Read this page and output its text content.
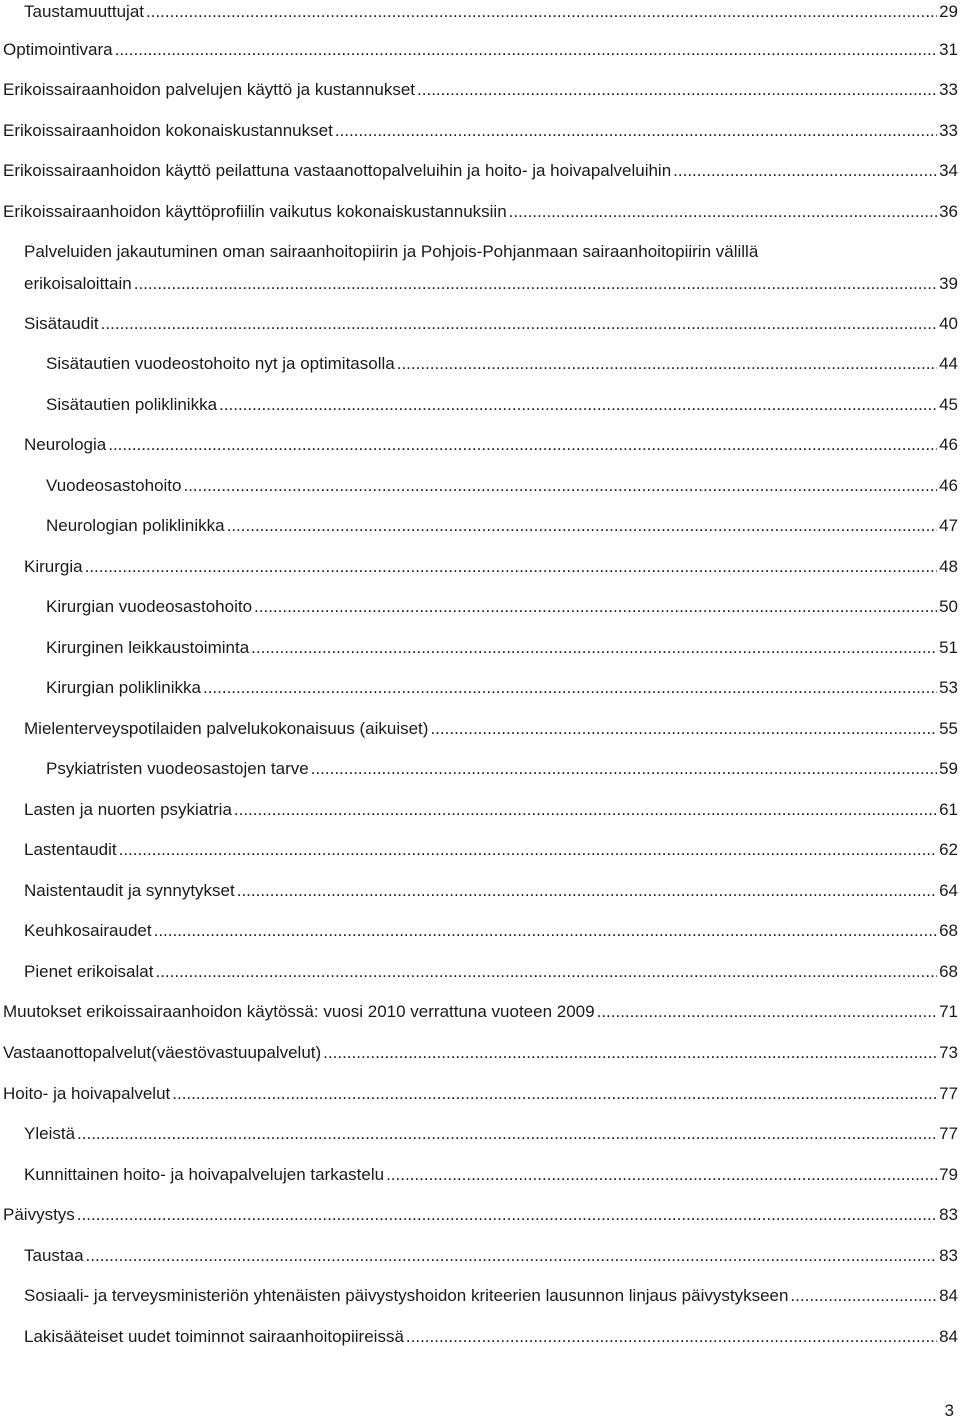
Taustamuuttujat .....	29
Optimointivara .....	31
Erikoissairaanhoidon palvelujen käyttö ja kustannukset .....	33
Erikoissairaanhoidon kokonaiskustannukset .....	33
Erikoissairaanhoidon käyttö peilattuna vastaanottopalveluihin ja hoito- ja hoivapalveluihin .....	34
Erikoissairaanhoidon käyttöprofiilin vaikutus kokonaiskustannuksiin .....	36
Palveluiden jakautuminen oman sairaanhoitopiirin ja Pohjois-Pohjanmaan sairaanhoitopiirin välillä
erikoisaloittain .....	39
Sisätaudit .....	40
Sisätautien vuodeostohoito nyt ja optimitasolla .....	44
Sisätautien poliklinikka .....	45
Neurologia .....	46
Vuodeosastohoito .....	46
Neurologian poliklinikka .....	47
Kirurgia .....	48
Kirurgian vuodeosastohoito .....	50
Kirurginen leikkaustoiminta .....	51
Kirurgian poliklinikka .....	53
Mielenterveyspotilaiden palvelukokonaisuus (aikuiset) .....	55
Psykiatristen vuodeosastojen tarve .....	59
Lasten ja nuorten psykiatria .....	61
Lastentaudit .....	62
Naistentaudit ja synnytykset .....	64
Keuhkosairaudet .....	68
Pienet erikoisalat .....	68
Muutokset erikoissairaanhoidon käytössä: vuosi 2010 verrattuna vuoteen 2009 .....	71
Vastaanottopalvelut(väestövastuupalvelut) .....	73
Hoito- ja hoivapalvelut .....	77
Yleistä .....	77
Kunnittainen hoito- ja hoivapalvelujen tarkastelu .....	79
Päivystys .....	83
Taustaa .....	83
Sosiaali- ja terveysministeriön yhtenäisten päivystyshoidon kriteerien lausunnon linjaus päivystykseen .....	84
Lakisääteiset uudet toiminnot sairaanhoitopiireissä .....	84
3
